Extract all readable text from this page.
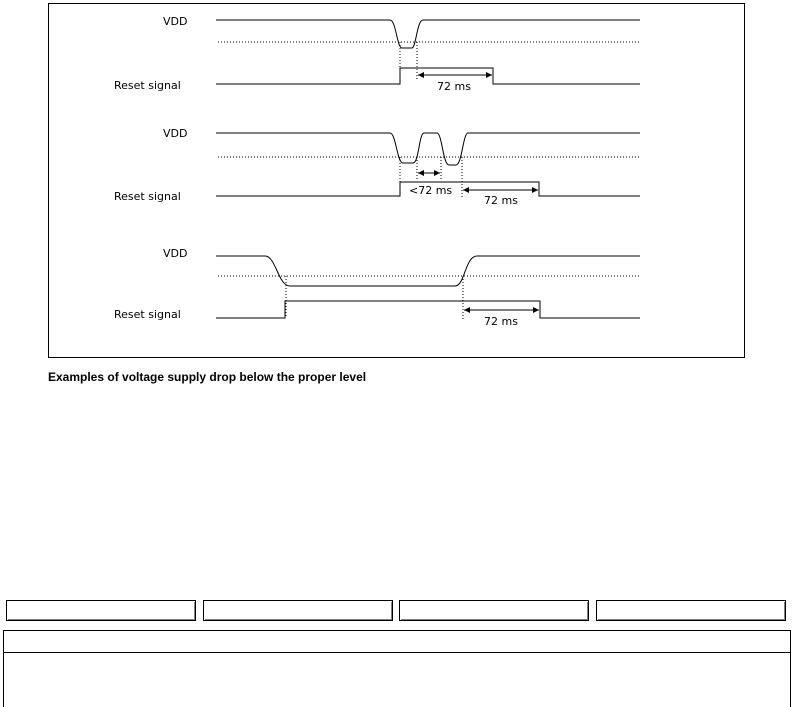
VDD
Reset signal	72 ms
VDD
Reset signal	<72 ms
72 ms
VDD
Reset signal
72 ms
Examples of voltage supply drop below the proper level
